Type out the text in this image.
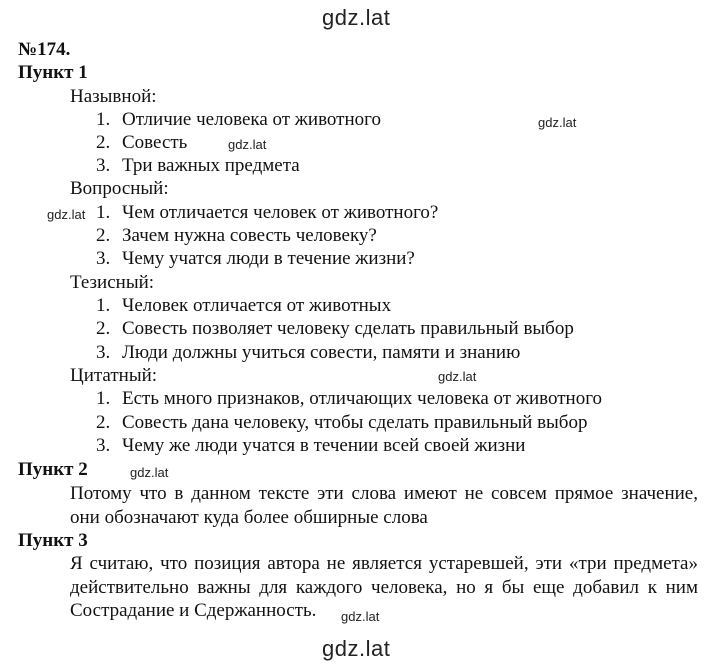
gdz.lat
gdz.lat
gdz.lat
gdz.lat
gdz.lat
gdz.lat
gdz.lat
gdz.lat
№174.
Пункт 1
Назывной:
1. Отличие человека от животного
2. Совесть
3. Три важных предмета
Вопросный:
1. Чем отличается человек от животного?
2. Зачем нужна совесть человеку?
3. Чему учатся люди в течение жизни?
Тезисный:
1. Человек отличается от животных
2. Совесть позволяет человеку сделать правильный выбор
3. Люди должны учиться совести, памяти и знанию
Цитатный:
1. Есть много признаков, отличающих человека от животного
2. Совесть дана человеку, чтобы сделать правильный выбор
3. Чему же люди учатся в течении всей своей жизни
Пункт 2
Потому что в данном тексте эти слова имеют не совсем прямое значение, они обозначают куда более обширные слова
Пункт 3
Я считаю, что позиция автора не является устаревшей, эти «три предмета» действительно важны для каждого человека, но я бы еще добавил к ним Сострадание и Сдержанность.
